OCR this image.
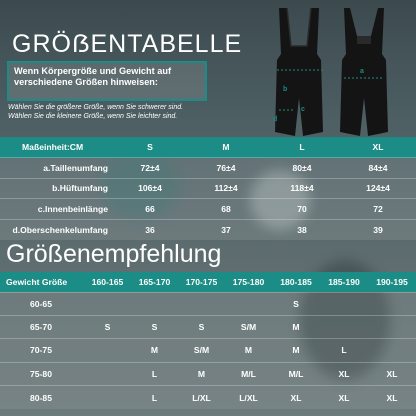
GRÖẞENTABELLE
Wenn Körpergröße und Gewicht auf verschiedene Größen hinweisen:
Wählen Sie die größere Größe, wenn Sie schwerer sind.
Wählen Sie die kleinere Größe, wenn Sie leichter sind.
b
c
d
a
Maßeinheit:CM	S	M	L	XL
a.Taillenumfang	72±4	76±4	80±4	84±4
b.Hüftumfang	106±4	112±4	118±4	124±4
c.Innenbeinlänge	66	68	70	72
d.Oberschenkelumfang	36	37	38	39
Größenempfehlung
Gewicht Größe	160-165	165-170	170-175	175-180	180-185	185-190	190-195
60-65					S		
65-70	S	S	S	S/M	M		
70-75		M	S/M	M	M	L	
75-80		L	M	M/L	M/L	XL	XL
80-85		L	L/XL	L/XL	XL	XL	XL
